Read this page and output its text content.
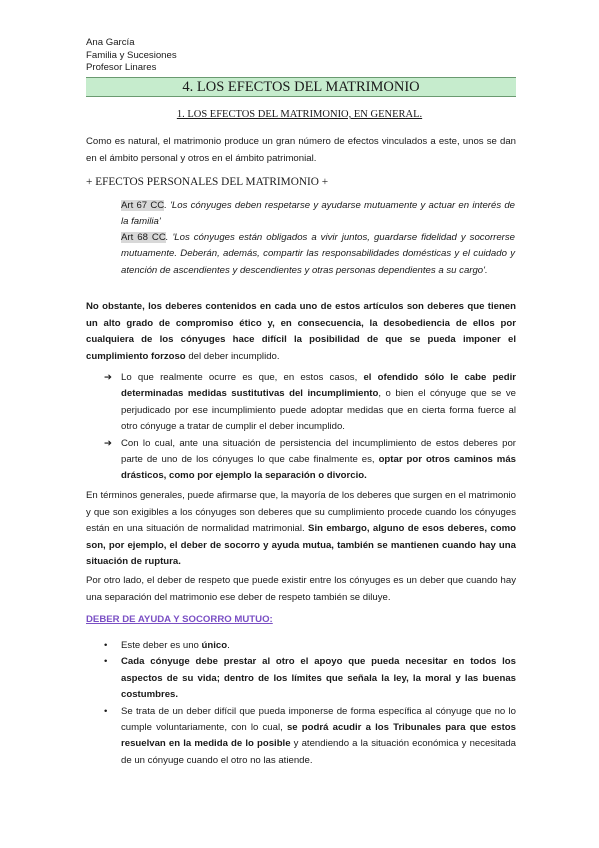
Ana García
Familia y Sucesiones
Profesor Linares
4. LOS EFECTOS DEL MATRIMONIO
1. LOS EFECTOS DEL MATRIMONIO, EN GENERAL.
Como es natural, el matrimonio produce un gran número de efectos vinculados a este, unos se dan en el ámbito personal y otros en el ámbito patrimonial.
+ EFECTOS PERSONALES DEL MATRIMONIO +
Art 67 CC. 'Los cónyuges deben respetarse y ayudarse mutuamente y actuar en interés de la familia'
Art 68 CC. 'Los cónyuges están obligados a vivir juntos, guardarse fidelidad y socorrerse mutuamente. Deberán, además, compartir las responsabilidades domésticas y el cuidado y atención de ascendientes y descendientes y otras personas dependientes a su cargo'.
No obstante, los deberes contenidos en cada uno de estos artículos son deberes que tienen un alto grado de compromiso ético y, en consecuencia, la desobediencia de ellos por cualquiera de los cónyuges hace difícil la posibilidad de que se pueda imponer el cumplimiento forzoso del deber incumplido.
➔ Lo que realmente ocurre es que, en estos casos, el ofendido sólo le cabe pedir determinadas medidas sustitutivas del incumplimiento, o bien el cónyuge que se ve perjudicado por ese incumplimiento puede adoptar medidas que en cierta forma fuerce al otro cónyuge a tratar de cumplir el deber incumplido.
➔ Con lo cual, ante una situación de persistencia del incumplimiento de estos deberes por parte de uno de los cónyuges lo que cabe finalmente es, optar por otros caminos más drásticos, como por ejemplo la separación o divorcio.
En términos generales, puede afirmarse que, la mayoría de los deberes que surgen en el matrimonio y que son exigibles a los cónyuges son deberes que su cumplimiento procede cuando los cónyuges están en una situación de normalidad matrimonial. Sin embargo, alguno de esos deberes, como son, por ejemplo, el deber de socorro y ayuda mutua, también se mantienen cuando hay una situación de ruptura.
Por otro lado, el deber de respeto que puede existir entre los cónyuges es un deber que cuando hay una separación del matrimonio ese deber de respeto también se diluye.
DEBER DE AYUDA Y SOCORRO MUTUO:
•	Este deber es uno único.
•	Cada cónyuge debe prestar al otro el apoyo que pueda necesitar en todos los aspectos de su vida; dentro de los límites que señala la ley, la moral y las buenas costumbres.
•	Se trata de un deber difícil que pueda imponerse de forma específica al cónyuge que no lo cumple voluntariamente, con lo cual, se podrá acudir a los Tribunales para que estos resuelvan en la medida de lo posible y atendiendo a la situación económica y necesitada de un cónyuge cuando el otro no las atiende.
